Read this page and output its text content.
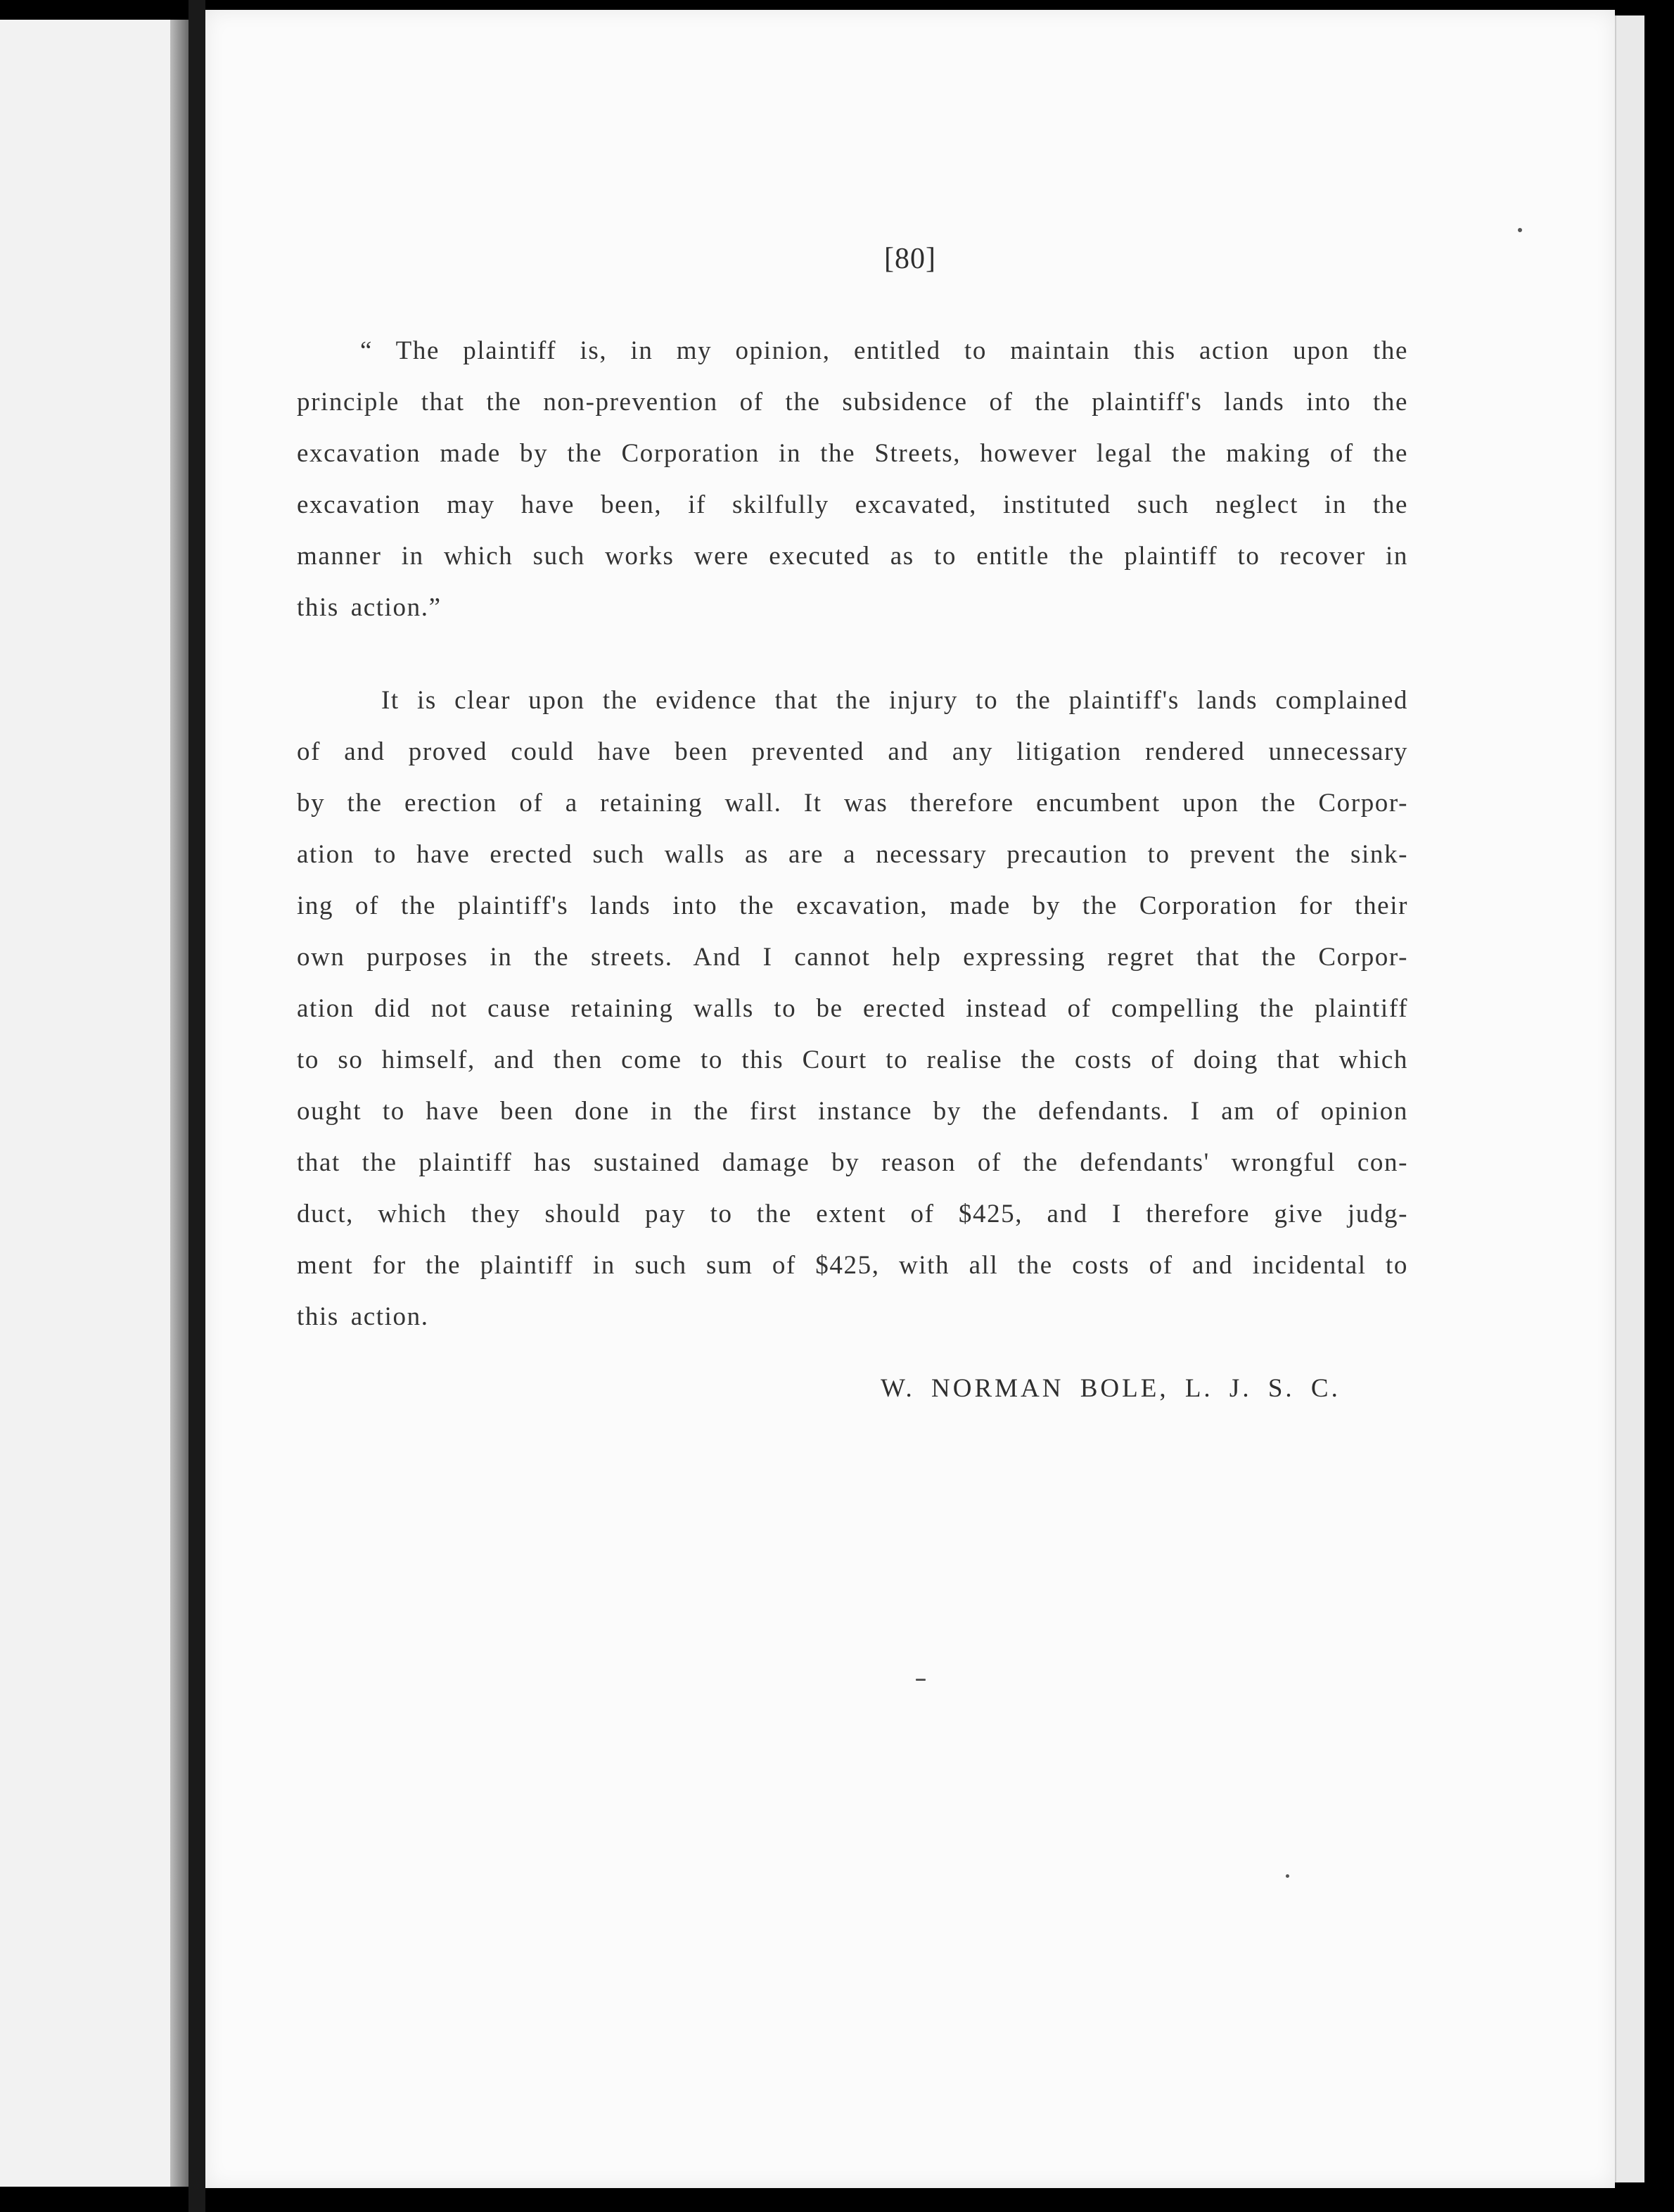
[80]
“ The plaintiff is, in my opinion, entitled to maintain this action upon the
principle that the non-prevention of the subsidence of the plaintiff's lands into the
excavation made by the Corporation in the Streets, however legal the making of the
excavation may have been, if skilfully excavated, instituted such neglect in the
manner in which such works were executed as to entitle the plaintiff to recover in
this action.”
It is clear upon the evidence that the injury to the plaintiff's lands complained
of and proved could have been prevented and any litigation rendered unnecessary
by the erection of a retaining wall. It was therefore encumbent upon the Corpor-
ation to have erected such walls as are a necessary precaution to prevent the sink-
ing of the plaintiff's lands into the excavation, made by the Corporation for their
own purposes in the streets. And I cannot help expressing regret that the Corpor-
ation did not cause retaining walls to be erected instead of compelling the plaintiff
to so himself, and then come to this Court to realise the costs of doing that which
ought to have been done in the first instance by the defendants. I am of opinion
that the plaintiff has sustained damage by reason of the defendants' wrongful con-
duct, which they should pay to the extent of $425, and I therefore give judg-
ment for the plaintiff in such sum of $425, with all the costs of and incidental to
this action.
W. NORMAN BOLE, L. J. S. C.
